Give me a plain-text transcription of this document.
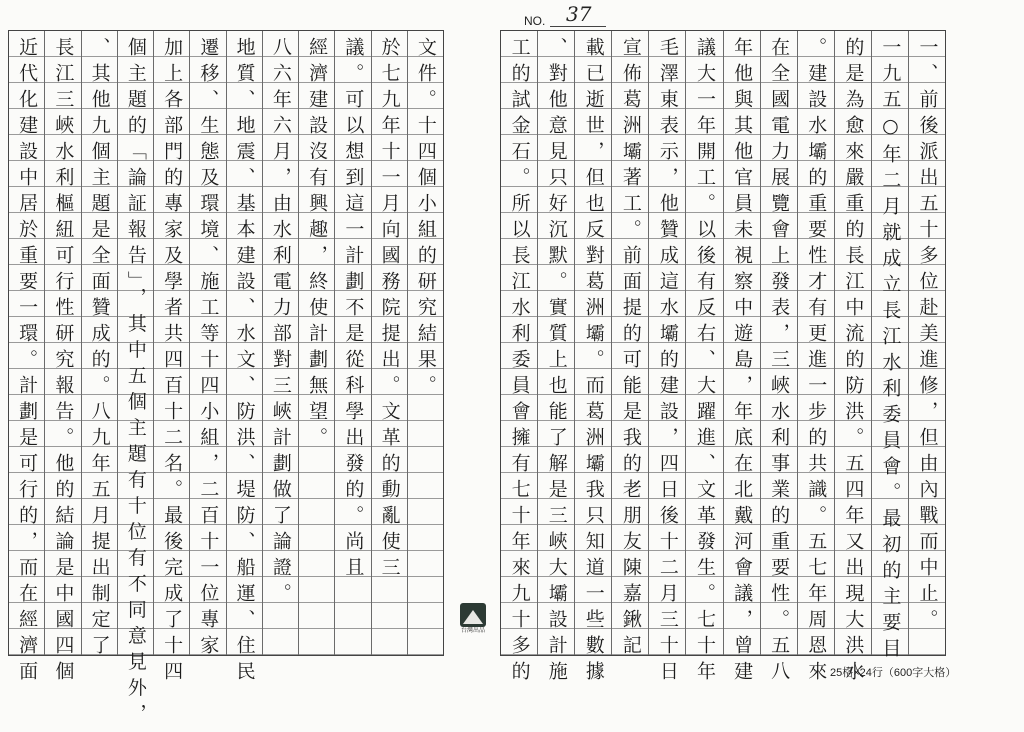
NO. 37
文件。十四個小組的研究結果。
於七九年十一月向國務院提出。文革的動亂使三
議。可以想到這一計劃不是從科學出發的。尚且
經濟建設沒有興趣，終使計劃無望。
八六年六月，由水利電力部對三峽計劃做了論證。
地質、地震、基本建設、水文、防洪、堤防、船運、住民
遷移、生態及環境、施工等十四小組，二百十一位專家
加上各部門的專家及學者共四百十二名。最後完成了十四
個主題的「論証報告」，其中五個主題有十位有不同意見外，
、其他九個主題是全面贊成的。八九年五月提出制定了
長江三峽水利樞紐可行性研究報告。他的結論是中國四個
近代化建設中居於重要一環。計劃是可行的，而在經濟面	台灣出品	一、前後派出五十多位赴美進修，但由內戰而中止。
一九五○年二月就成立長江水利委員會。最初的主要目
的是為愈來嚴重的長江中流的防洪。五四年又出現大洪水
。建設水壩的重要性才有更進一步的共識。五七年周恩來
在全國電力展覽會上發表，三峽水利事業的重要性。五八
年他與其他官員未視察中遊島，年底在北戴河會議，曾建
議大一年開工。以後有反右、大躍進、文革發生。七十年
毛澤東表示，他贊成這水壩的建設，四日後十二月三十日
宣佈葛洲壩著工。前面提的可能是我的老朋友陳嘉鍬記
載已逝世，但也反對葛洲壩。而葛洲壩我只知道一些數據
、對他意見只好沉默。實質上也能了解是三峽大壩設計施
工的試金石。所以長江水利委員會擁有七十年來九十多的	25格×24行（600字大格）
